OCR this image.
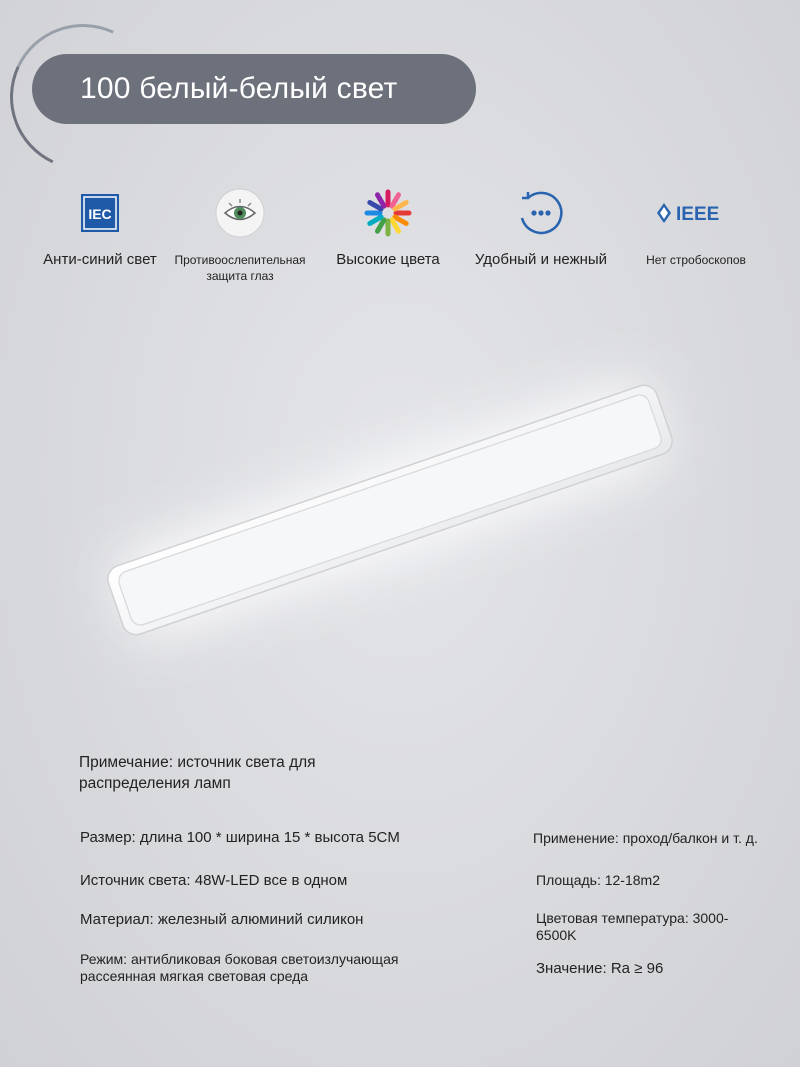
100 белый-белый свет
IEC
Анти-синий свет	Противоослепительная защита глаз
Высокие цвета	Удобный и нежный
IEEE
Нет стробоскопов
Примечание: источник света для распределения ламп
Размер: длина 100 * ширина 15 * высота 5CM
Источник света: 48W-LED все в одном
Материал: железный алюминий силикон
Режим: антибликовая боковая светоизлучающая рассеянная мягкая световая среда
Применение: проход/балкон и т. д.
Площадь: 12-18m2
Цветовая температура: 3000-6500K
Значение: Ra ≥ 96
